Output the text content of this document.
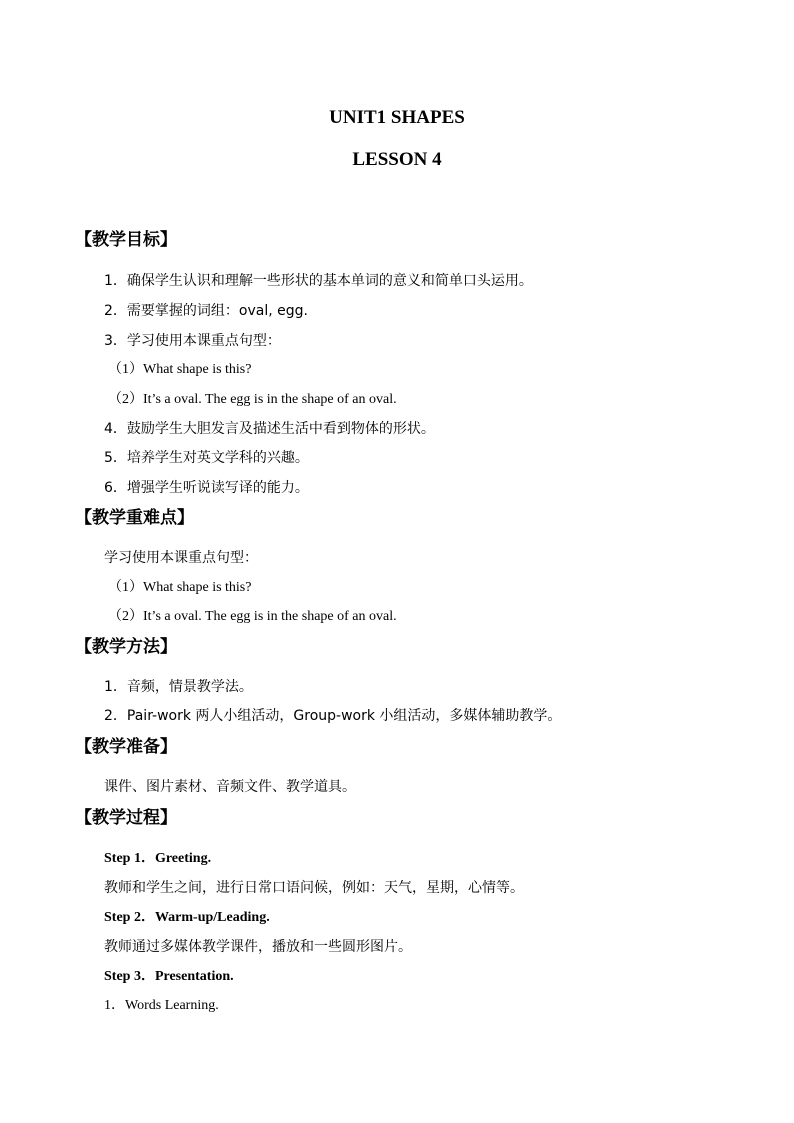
UNIT1 SHAPES
LESSON 4
【教学目标】
1．确保学生认识和理解一些形状的基本单词的意义和简单口头运用。
2．需要掌握的词组：oval, egg.
3．学习使用本课重点句型：
（1）What shape is this?
（2）It’s a oval. The egg is in the shape of an oval.
4．鼓励学生大胆发言及描述生活中看到物体的形状。
5．培养学生对英文学科的兴趣。
6．增强学生听说读写译的能力。
【教学重难点】
学习使用本课重点句型：
（1）What shape is this?
（2）It’s a oval. The egg is in the shape of an oval.
【教学方法】
1．音频，情景教学法。
2．Pair-work 两人小组活动，Group-work 小组活动，多媒体辅助教学。
【教学准备】
课件、图片素材、音频文件、教学道具。
【教学过程】
Step 1．Greeting.
教师和学生之间，进行日常口语问候，例如：天气，星期，心情等。
Step 2．Warm-up/Leading.
教师通过多媒体教学课件，播放和一些圆形图片。
Step 3．Presentation.
1．Words Learning.
